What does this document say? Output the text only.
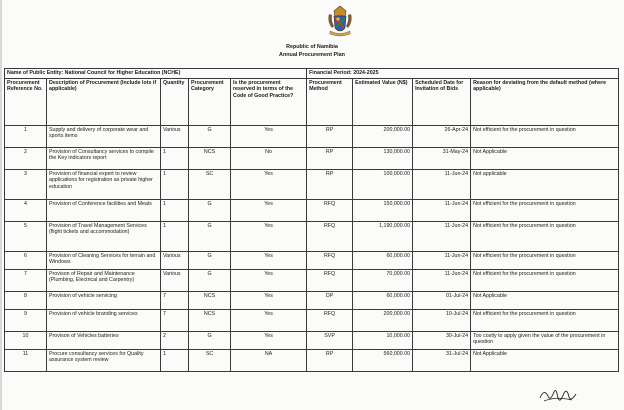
Republic of Namibia
Annual Procurement Plan
Name of Public Entity: National Council for Higher Education (NCHE)					Financial Period: 2024-2025			
Procurement Reference No.	Description of Procurement (Include lots if applicable)	Quantity	Procurement Category	Is the procurement reserved in terms of the Code of Good Practice?	Procurement Method	Estimated Value (N$)	Scheduled Date for Invitation of Bids	Reason for deviating from the default method (where applicable)
1	Supply and delivery of corporate wear and sports items	Various	G	Yes	RP	200,000.00	26-Apr-24	Not efficient for the procurement in question
2	Provision of Consultancy services to compile the Key indicators report	1	NCS	No	RP	130,000.00	31-May-24	Not Applicable
3	Provision of financial expert to review applications for registration as private higher education	1	SC	Yes	RP	100,000.00	11-Jun-24	Not applicable
4	Provision of Conference facilities and Meals	1	G	Yes	RFQ	150,000.00	11-Jun-24	Not efficient for the procurement in question
5	Provision of Travel Management Services (flight tickets and accommodation)	1	G	Yes	RFQ	1,190,000.00	11-Jun-24	Not efficient for the procurement in question
6	Provision of Cleaning Services for terrain and Windows	Various	G	Yes	RFQ	60,000.00	11-Jun-24	Not efficient for the procurement in question
7	Provison of Repair and Maintenance (Plumbing, Electrical and Carpentry)	Various	G	Yes	RFQ	70,000.00	11-Jun-24	Not efficient for the procurement in question
8	Provision of vehicle servicing	7	NCS	Yes	DP	60,000.00	01-Jul-24	Not Applicable
9	Provision of vehicle branding services	7	NCS	Yes	RFQ	200,000.00	10-Jul-24	Not efficient for the procurement in question
10	Provison of Vehicles batteries	2	G	Yes	SVP	10,000.00	30-Jul-24	Too costly to apply given the value of the procurement in question
11	Procure consultancy services for Quality assurance system review	1	SC	NA	RP	560,000.00	31-Jul-24	Not Applicable
